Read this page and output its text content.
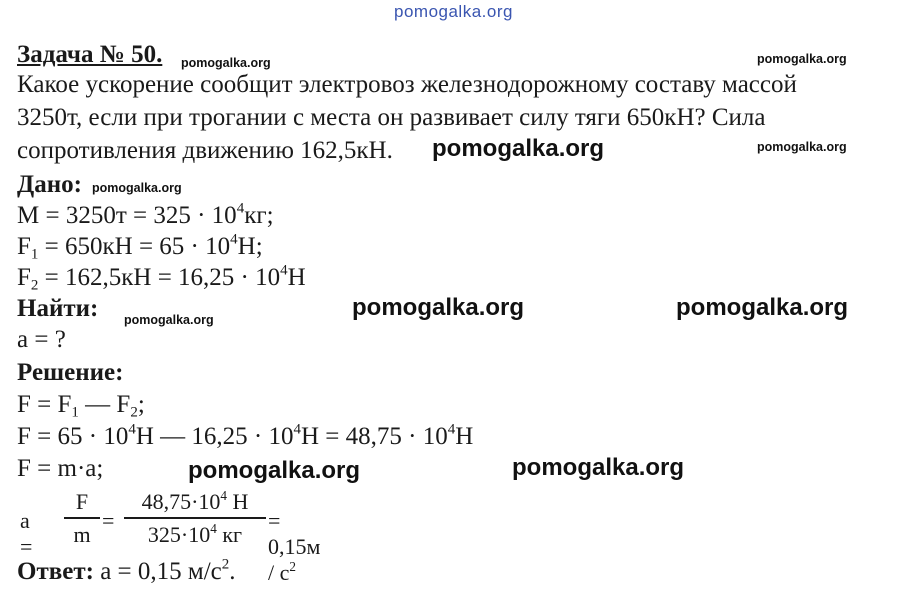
pomogalka.org
Задача № 50. pomogalka.org	pomogalka.org
Какое ускорение сообщит электровоз железнодорожному составу массой
3250т, если при трогании с места он развивает силу тяги 650кН? Сила
сопротивления движению 162,5кН. pomogalka.org	pomogalka.org
Дано: pomogalka.org
$M = 3250т = 325 \cdot 10^4кг$;
$F_1 = 650кН = 65 \cdot 10^4Н$;
$F_2 = 162,5кН = 16,25 \cdot 10^4Н$
Найти: pomogalka.org	pomogalka.org	pomogalka.org
a = ?
Решение:
$F = F_1$ — $F_2$;
$F = 65 \cdot 10^4Н$ — $16,25 \cdot 10^4Н = 48,75 \cdot 10^4Н$
F = m·a;	pomogalka.org	pomogalka.org
$a = \frac{F}{m}$ =
$48,75\cdot 10^4$ Н
$325\cdot 10^4$ кг
= $0,15м / с^2$
Ответ: a = 0,15 $м/с^2$.
